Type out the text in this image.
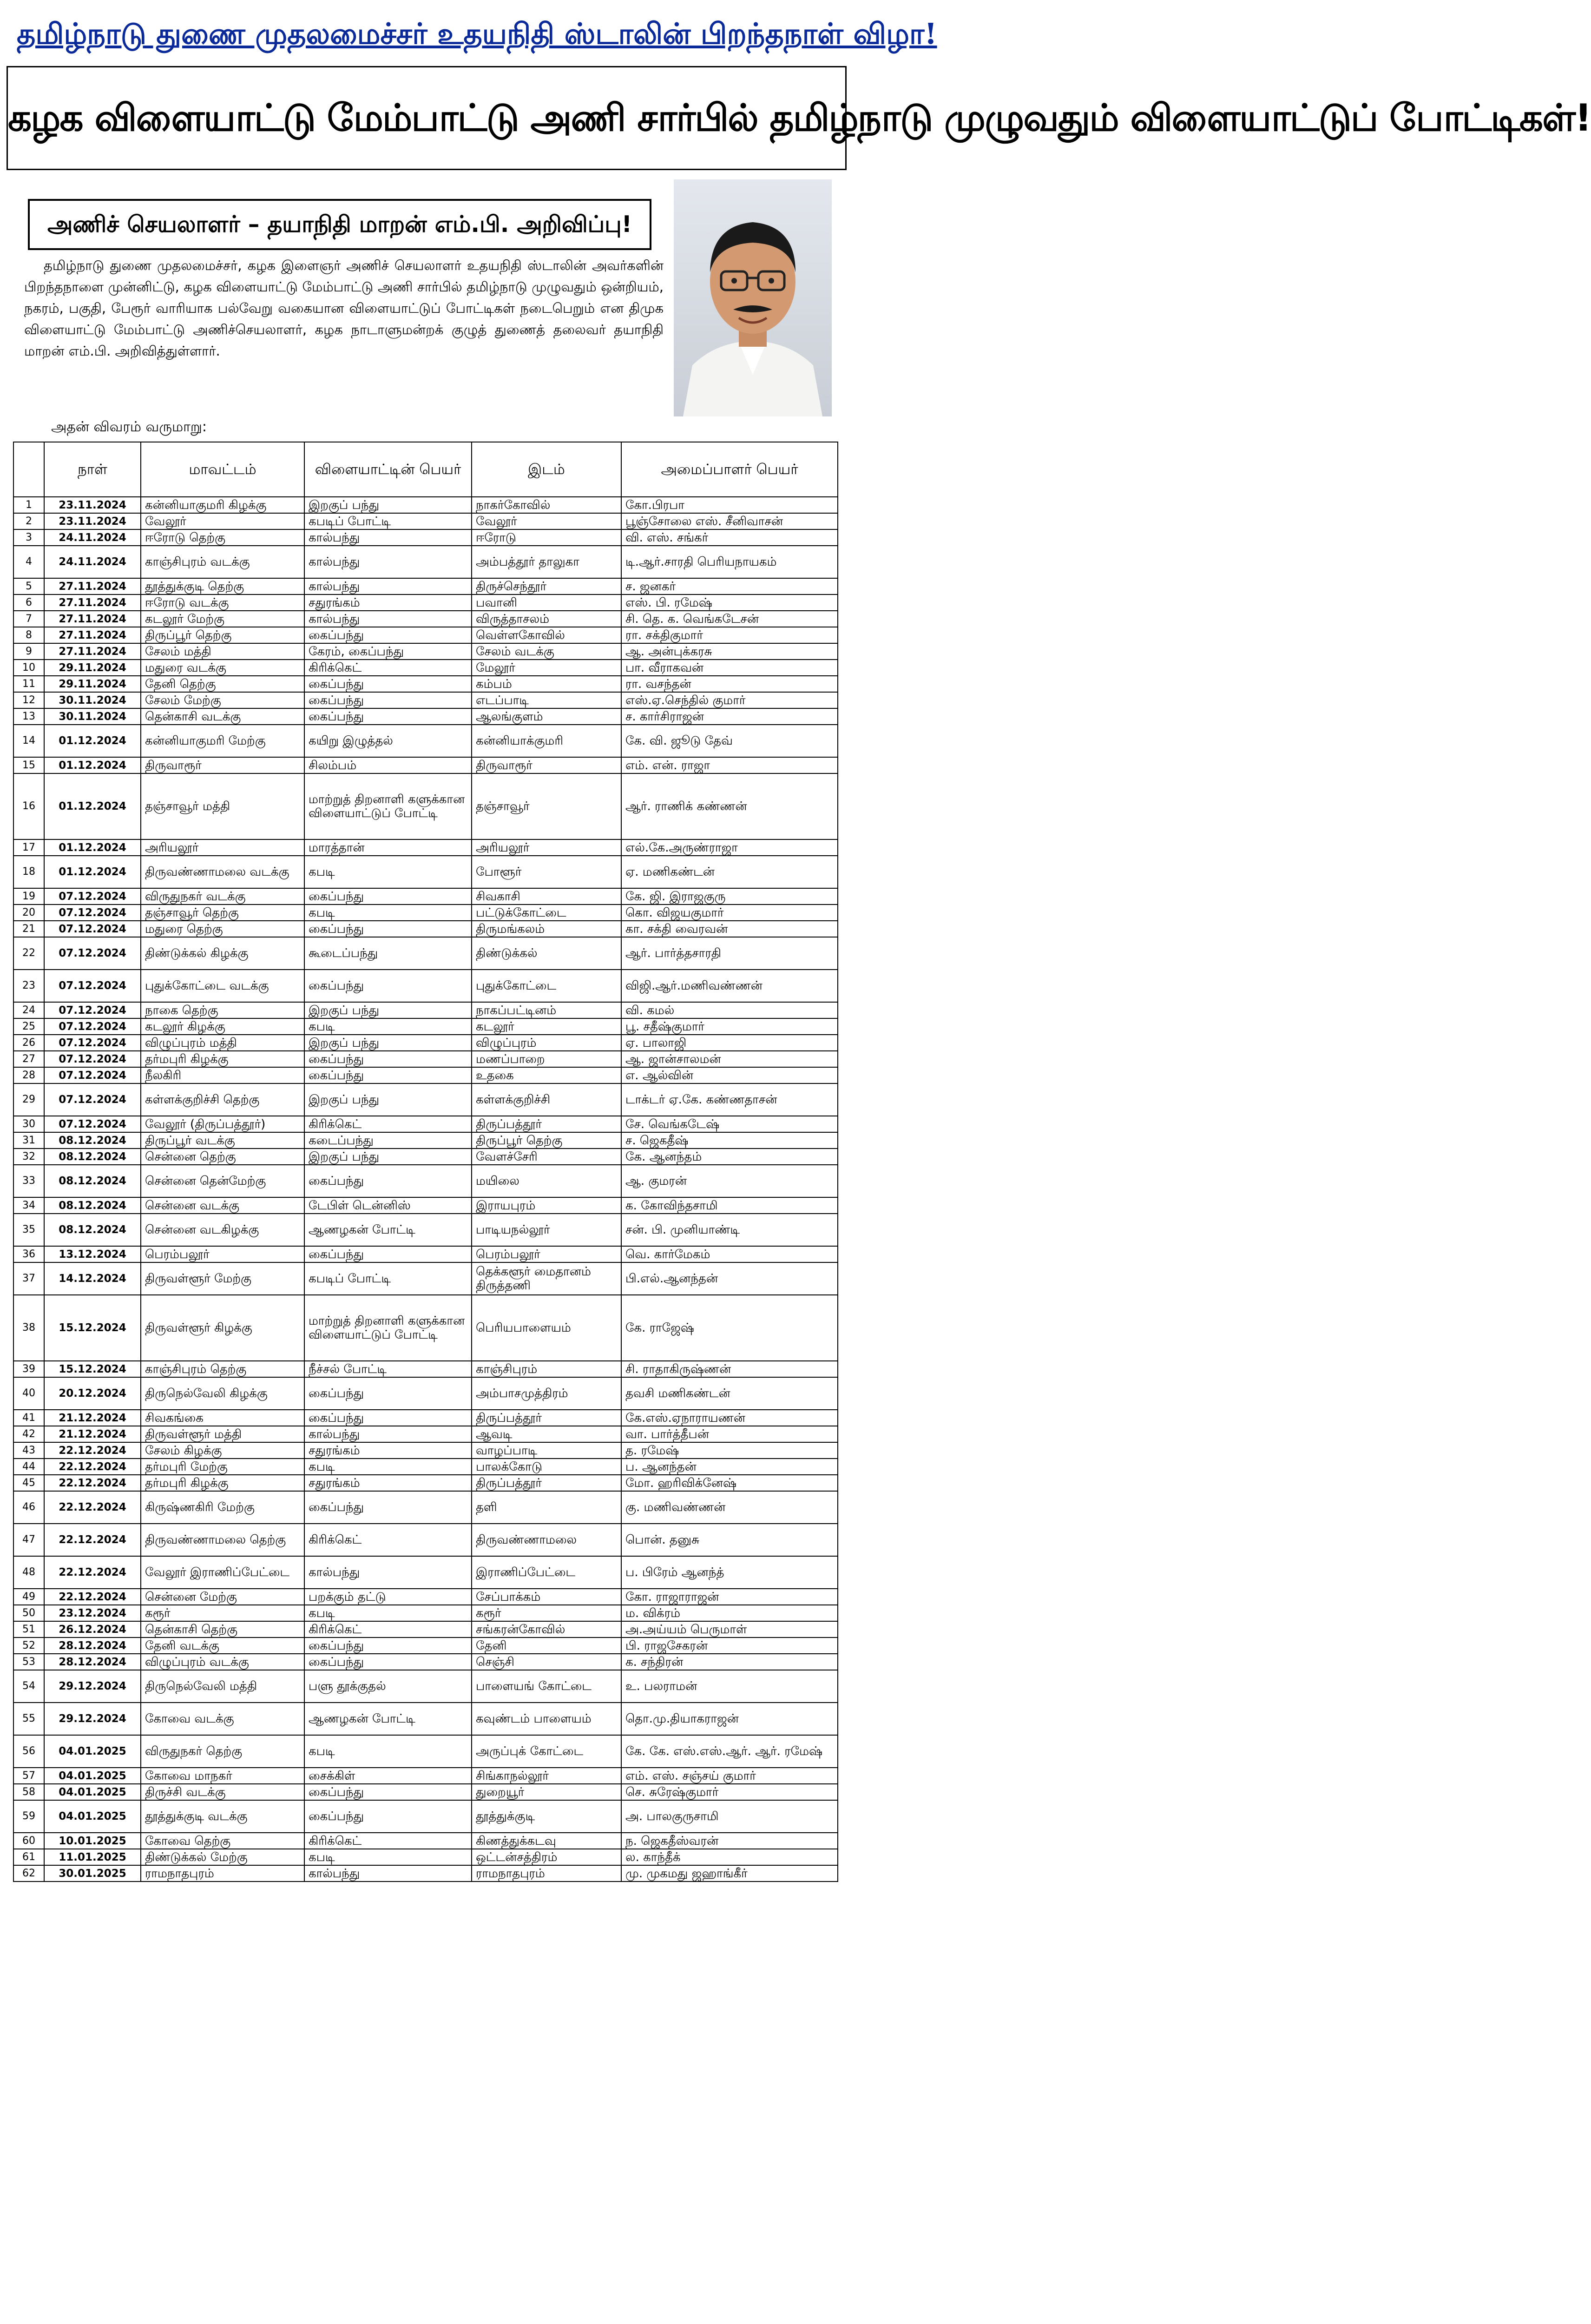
தமிழ்நாடு துணை முதலமைச்சர் உதயநிதி ஸ்டாலின் பிறந்தநாள் விழா!
கழக விளையாட்டு மேம்பாட்டு அணி சார்பில் தமிழ்நாடு முழுவதும் விளையாட்டுப் போட்டிகள்!
அணிச் செயலாளர் – தயாநிதி மாறன் எம்.பி. அறிவிப்பு!
தமிழ்நாடு துணை முதலமைச்சர், கழக இளைஞர் அணிச் செயலாளர் உதயநிதி ஸ்டாலின் அவர்களின் பிறந்தநாளை முன்னிட்டு, கழக விளையாட்டு மேம்பாட்டு அணி சார்பில் தமிழ்நாடு முழுவதும் ஒன்றியம், நகரம், பகுதி, பேரூர் வாரியாக பல்வேறு வகையான விளையாட்டுப் போட்டிகள் நடைபெறும் என திமுக விளையாட்டு மேம்பாட்டு அணிச்செயலாளர், கழக நாடாளுமன்றக் குழுத் துணைத் தலைவர் தயாநிதி மாறன் எம்.பி. அறிவித்துள்ளார்.
அதன் விவரம் வருமாறு:
	நாள்	மாவட்டம்	விளையாட்டின் பெயர்	இடம்	அமைப்பாளர் பெயர்
1	23.11.2024	கன்னியாகுமரி கிழக்கு	இறகுப் பந்து	நாகர்கோவில்	கோ.பிரபா
2	23.11.2024	வேலூர்	கபடிப் போட்டி	வேலூர்	பூஞ்சோலை எஸ். சீனிவாசன்
3	24.11.2024	ஈரோடு தெற்கு	கால்பந்து	ஈரோடு	வி. எஸ். சங்கர்
4	24.11.2024	காஞ்சிபுரம் வடக்கு	கால்பந்து	அம்பத்தூர் தாலுகா	டி.ஆர்.சாரதி பெரியநாயகம்
5	27.11.2024	தூத்துக்குடி தெற்கு	கால்பந்து	திருச்செந்தூர்	ச. ஜனகர்
6	27.11.2024	ஈரோடு வடக்கு	சதுரங்கம்	பவானி	எஸ். பி. ரமேஷ்
7	27.11.2024	கடலூர் மேற்கு	கால்பந்து	விருத்தாசலம்	சி. தெ. க. வெங்கடேசன்
8	27.11.2024	திருப்பூர் தெற்கு	கைப்பந்து	வெள்ளகோவில்	ரா. சக்திகுமார்
9	27.11.2024	சேலம் மத்தி	கேரம், கைப்பந்து	சேலம் வடக்கு	ஆ. அன்புக்கரசு
10	29.11.2024	மதுரை வடக்கு	கிரிக்கெட்	மேலூர்	பா. வீராகவன்
11	29.11.2024	தேனி தெற்கு	கைப்பந்து	கம்பம்	ரா. வசந்தன்
12	30.11.2024	சேலம் மேற்கு	கைப்பந்து	எடப்பாடி	எஸ்.ஏ.செந்தில் குமார்
13	30.11.2024	தென்காசி வடக்கு	கைப்பந்து	ஆலங்குளம்	ச. கார்சிராஜன்
14	01.12.2024	கன்னியாகுமரி மேற்கு	கயிறு இழுத்தல்	கன்னியாக்குமரி	கே. வி. ஜூடு தேவ்
15	01.12.2024	திருவாரூர்	சிலம்பம்	திருவாரூர்	எம். என். ராஜா
16	01.12.2024	தஞ்சாவூர் மத்தி	மாற்றுத் திறனாளி களுக்கான விளையாட்டுப் போட்டி	தஞ்சாவூர்	ஆர். ராணிக் கண்ணன்
17	01.12.2024	அரியலூர்	மாரத்தான்	அரியலூர்	எல்.கே.அருண்ராஜா
18	01.12.2024	திருவண்ணாமலை வடக்கு	கபடி	போளூர்	ஏ. மணிகண்டன்
19	07.12.2024	விருதுநகர் வடக்கு	கைப்பந்து	சிவகாசி	கே. ஜி. இராஜகுரு
20	07.12.2024	தஞ்சாவூர் தெற்கு	கபடி	பட்டுக்கோட்டை	கொ. விஜயகுமார்
21	07.12.2024	மதுரை தெற்கு	கைப்பந்து	திருமங்கலம்	கா. சக்தி வைரவன்
22	07.12.2024	திண்டுக்கல் கிழக்கு	கூடைப்பந்து	திண்டுக்கல்	ஆர். பார்த்தசாரதி
23	07.12.2024	புதுக்கோட்டை வடக்கு	கைப்பந்து	புதுக்கோட்டை	விஜி.ஆர்.மணிவண்ணன்
24	07.12.2024	நாகை தெற்கு	இறகுப் பந்து	நாகப்பட்டினம்	வி. கமல்
25	07.12.2024	கடலூர் கிழக்கு	கபடி	கடலூர்	பூ. சதீஷ்குமார்
26	07.12.2024	விழுப்புரம் மத்தி	இறகுப் பந்து	விழுப்புரம்	ஏ. பாலாஜி
27	07.12.2024	தர்மபுரி கிழக்கு	கைப்பந்து	மணப்பாறை	ஆ. ஜான்சாலமன்
28	07.12.2024	நீலகிரி	கைப்பந்து	உதகை	எ. ஆல்வின்
29	07.12.2024	கள்ளக்குறிச்சி தெற்கு	இறகுப் பந்து	கள்ளக்குறிச்சி	டாக்டர் ஏ.கே. கண்ணதாசன்
30	07.12.2024	வேலூர் (திருப்பத்தூர்)	கிரிக்கெட்	திருப்பத்தூர்	சே. வெங்கடேஷ்
31	08.12.2024	திருப்பூர் வடக்கு	கடைப்பந்து	திருப்பூர் தெற்கு	ச. ஜெகதீஷ்
32	08.12.2024	சென்னை தெற்கு	இறகுப் பந்து	வேளச்சேரி	கே. ஆனந்தம்
33	08.12.2024	சென்னை தென்மேற்கு	கைப்பந்து	மயிலை	ஆ. குமரன்
34	08.12.2024	சென்னை வடக்கு	டேபிள் டென்னிஸ்	இராயபுரம்	க. கோவிந்தசாமி
35	08.12.2024	சென்னை வடகிழக்கு	ஆணழகன் போட்டி	பாடியநல்லூர்	சன். பி. முனியாண்டி
36	13.12.2024	பெரம்பலூர்	கைப்பந்து	பெரம்பலூர்	வெ. கார்மேகம்
37	14.12.2024	திருவள்ளூர் மேற்கு	கபடிப் போட்டி	தெக்களூர் மைதானம் திருத்தணி	பி.எல்.ஆனந்தன்
38	15.12.2024	திருவள்ளூர் கிழக்கு	மாற்றுத் திறனாளி களுக்கான விளையாட்டுப் போட்டி	பெரியபாளையம்	கே. ராஜேஷ்
39	15.12.2024	காஞ்சிபுரம் தெற்கு	நீச்சல் போட்டி	காஞ்சிபுரம்	சி. ராதாகிருஷ்ணன்
40	20.12.2024	திருநெல்வேலி கிழக்கு	கைப்பந்து	அம்பாசமுத்திரம்	தவசி மணிகண்டன்
41	21.12.2024	சிவகங்கை	கைப்பந்து	திருப்பத்தூர்	கே.எஸ்.ஏநாராயணன்
42	21.12.2024	திருவள்ளூர் மத்தி	கால்பந்து	ஆவடி	வா. பார்த்தீபன்
43	22.12.2024	சேலம் கிழக்கு	சதுரங்கம்	வாழப்பாடி	த. ரமேஷ்
44	22.12.2024	தர்மபுரி மேற்கு	கபடி	பாலக்கோடு	ப. ஆனந்தன்
45	22.12.2024	தர்மபுரி கிழக்கு	சதுரங்கம்	திருப்பத்தூர்	மோ. ஹரிவிக்னேஷ்
46	22.12.2024	கிருஷ்ணகிரி மேற்கு	கைப்பந்து	தளி	கு. மணிவண்ணன்
47	22.12.2024	திருவண்ணாமலை தெற்கு	கிரிக்கெட்	திருவண்ணாமலை	பொன். தனுசு
48	22.12.2024	வேலூர் இராணிப்பேட்டை	கால்பந்து	இராணிப்பேட்டை	ப. பிரேம் ஆனந்த்
49	22.12.2024	சென்னை மேற்கு	பறக்கும் தட்டு	சேப்பாக்கம்	கோ. ராஜாராஜன்
50	23.12.2024	கரூர்	கபடி	கரூர்	ம. விக்ரம்
51	26.12.2024	தென்காசி தெற்கு	கிரிக்கெட்	சங்கரன்கோவில்	அ.அய்யம் பெருமாள்
52	28.12.2024	தேனி வடக்கு	கைப்பந்து	தேனி	பி. ராஜசேகரன்
53	28.12.2024	விழுப்புரம் வடக்கு	கைப்பந்து	செஞ்சி	க. சந்திரன்
54	29.12.2024	திருநெல்வேலி மத்தி	பளு தூக்குதல்	பாளையங் கோட்டை	உ. பலராமன்
55	29.12.2024	கோவை வடக்கு	ஆணழகன் போட்டி	கவுண்டம் பாளையம்	தொ.மு.தியாகராஜன்
56	04.01.2025	விருதுநகர் தெற்கு	கபடி	அருப்புக் கோட்டை	கே. கே. எஸ்.எஸ்.ஆர். ஆர். ரமேஷ்
57	04.01.2025	கோவை மாநகர்	சைக்கிள்	சிங்காநல்லூர்	எம். எஸ். சஞ்சய் குமார்
58	04.01.2025	திருச்சி வடக்கு	கைப்பந்து	துறையூர்	செ. சுரேஷ்குமார்
59	04.01.2025	தூத்துக்குடி வடக்கு	கைப்பந்து	தூத்துக்குடி	அ. பாலகுருசாமி
60	10.01.2025	கோவை தெற்கு	கிரிக்கெட்	கிணத்துக்கடவு	ந. ஜெகதீஸ்வரன்
61	11.01.2025	திண்டுக்கல் மேற்கு	கபடி	ஒட்டன்சத்திரம்	ல. காந்தீக்
62	30.01.2025	ராமநாதபுரம்	கால்பந்து	ராமநாதபுரம்	மு. முகமது ஜஹாங்கீர்
